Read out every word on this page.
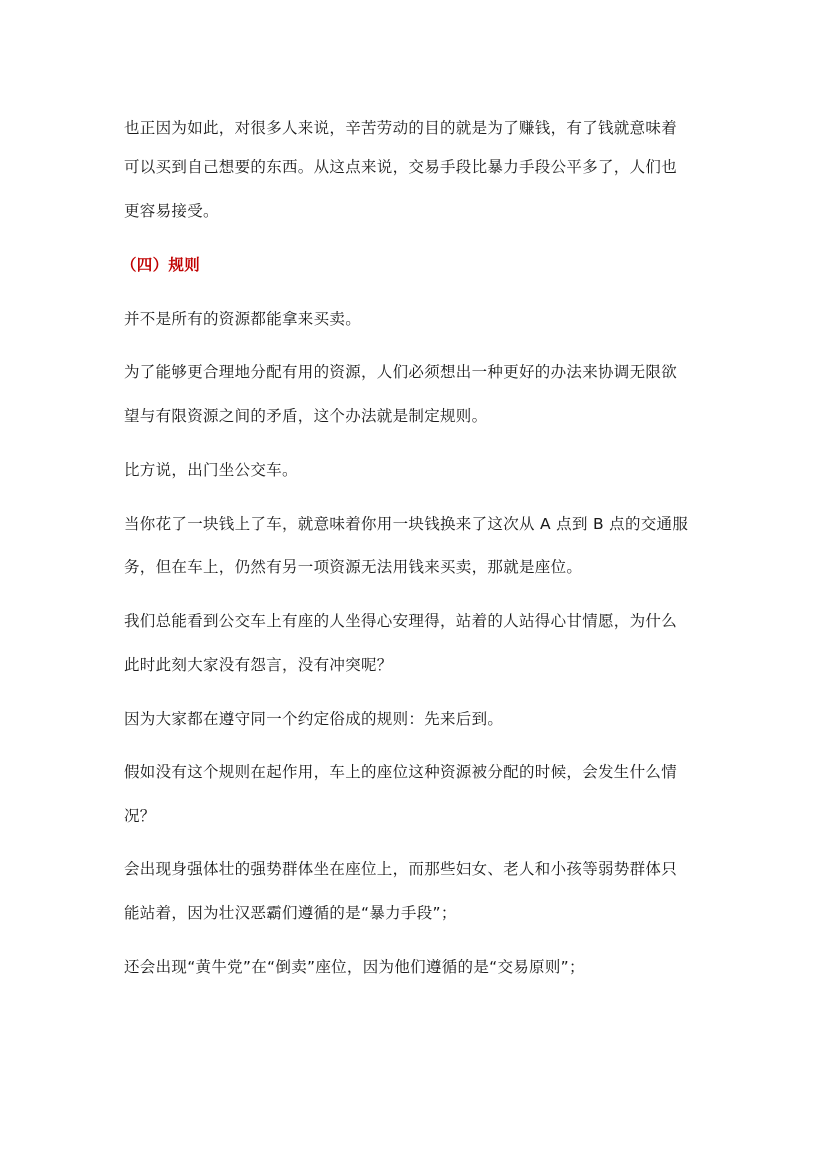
也正因为如此，对很多人来说，辛苦劳动的目的就是为了赚钱，有了钱就意味着
可以买到自己想要的东西。从这点来说，交易手段比暴力手段公平多了，人们也
更容易接受。
（四）规则
并不是所有的资源都能拿来买卖。
为了能够更合理地分配有用的资源，人们必须想出一种更好的办法来协调无限欲
望与有限资源之间的矛盾，这个办法就是制定规则。
比方说，出门坐公交车。
当你花了一块钱上了车，就意味着你用一块钱换来了这次从 A 点到 B 点的交通服
务，但在车上，仍然有另一项资源无法用钱来买卖，那就是座位。
我们总能看到公交车上有座的人坐得心安理得，站着的人站得心甘情愿，为什么
此时此刻大家没有怨言，没有冲突呢？
因为大家都在遵守同一个约定俗成的规则：先来后到。
假如没有这个规则在起作用，车上的座位这种资源被分配的时候，会发生什么情
况？
会出现身强体壮的强势群体坐在座位上，而那些妇女、老人和小孩等弱势群体只
能站着，因为壮汉恶霸们遵循的是“暴力手段”；
还会出现“黄牛党”在“倒卖”座位，因为他们遵循的是“交易原则”；
